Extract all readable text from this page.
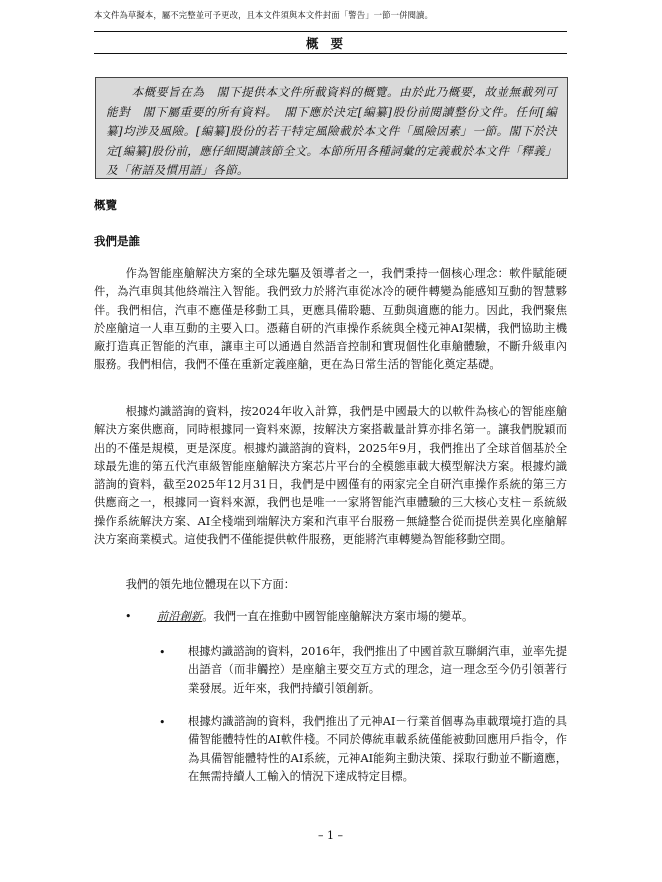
本文件為草擬本，屬不完整並可予更改，且本文件須與本文件封面「警告」一節一併閱讀。
概要

本概要旨在為　閣下提供本文件所載資料的概覽。由於此乃概要，故並無載列可能對　閣下屬重要的所有資料。　閣下應於決定[編纂]股份前閱讀整份文件。任何[編纂]均涉及風險。[編纂]股份的若干特定風險載於本文件「風險因素」一節。閣下於決定[編纂]股份前，應仔細閱讀該節全文。本節所用各種詞彙的定義載於本文件「釋義」及「術語及慣用語」各節。

概覽
我們是誰

作為智能座艙解決方案的全球先驅及領導者之一，我們秉持一個核心理念：軟件賦能硬件，為汽車與其他終端注入智能。我們致力於將汽車從冰冷的硬件轉變為能感知互動的智慧夥伴。我們相信，汽車不應僅是移動工具，更應具備聆聽、互動與適應的能力。因此，我們聚焦於座艙這一人車互動的主要入口。憑藉自研的汽車操作系統與全棧元神AI架構，我們協助主機廠打造真正智能的汽車，讓車主可以通過自然語音控制和實現個性化車艙體驗，不斷升級車內服務。我們相信，我們不僅在重新定義座艙，更在為日常生活的智能化奠定基礎。

根據灼識諮詢的資料，按2024年收入計算，我們是中國最大的以軟件為核心的智能座艙解決方案供應商，同時根據同一資料來源，按解決方案搭載量計算亦排名第一。讓我們脫穎而出的不僅是規模，更是深度。根據灼識諮詢的資料，2025年9月，我們推出了全球首個基於全球最先進的第五代汽車級智能座艙解決方案芯片平台的全模態車載大模型解決方案。根據灼識諮詢的資料，截至2025年12月31日，我們是中國僅有的兩家完全自研汽車操作系統的第三方供應商之一，根據同一資料來源，我們也是唯一一家將智能汽車體驗的三大核心支柱－系統級操作系統解決方案、AI全棧端到端解決方案和汽車平台服務－無縫整合從而提供差異化座艙解決方案商業模式。這使我們不僅能提供軟件服務，更能將汽車轉變為智能移動空間。

我們的領先地位體現在以下方面：

• 前沿創新。我們一直在推動中國智能座艙解決方案市場的變革。

• 根據灼識諮詢的資料，2016年，我們推出了中國首款互聯網汽車，並率先提出語音（而非觸控）是座艙主要交互方式的理念，這一理念至今仍引領著行業發展。近年來，我們持續引領創新。

• 根據灼識諮詢的資料，我們推出了元神AI－行業首個專為車載環境打造的具備智能體特性的AI軟件棧。不同於傳統車載系統僅能被動回應用戶指令，作為具備智能體特性的AI系統，元神AI能夠主動決策、採取行動並不斷適應，在無需持續人工輸入的情況下達成特定目標。

– 1 –
